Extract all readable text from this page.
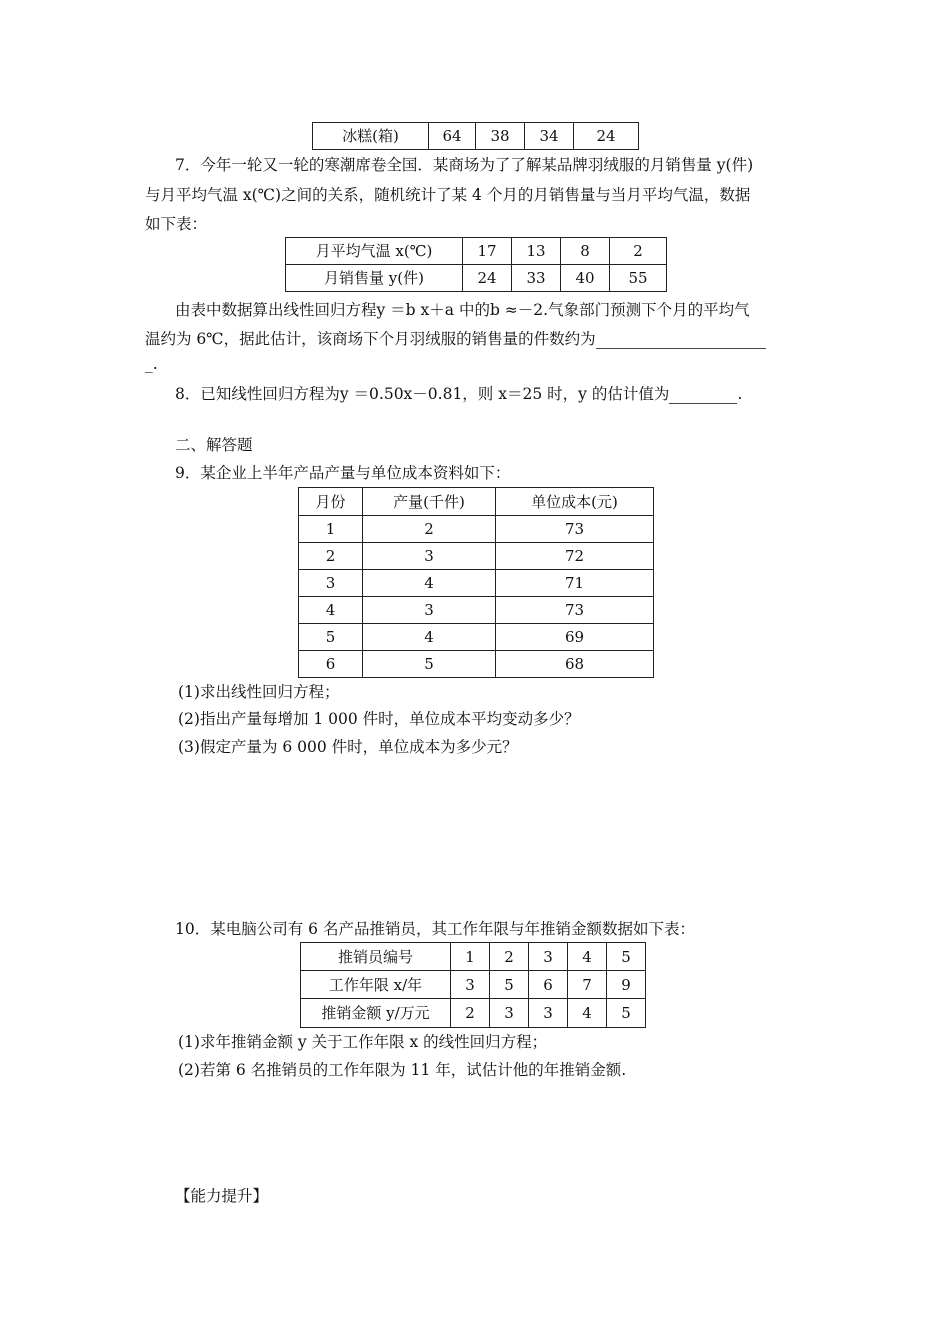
冰糕(箱)	64	38	34	24
7．今年一轮又一轮的寒潮席卷全国．某商场为了了解某品牌羽绒服的月销售量 y(件)
与月平均气温 x(℃)之间的关系，随机统计了某 4 个月的月销售量与当月平均气温，数据
如下表：
月平均气温 x(℃)	17	13	8	2
月销售量 y(件)	24	33	40	55
由表中数据算出线性回归方程y ＝b x＋a 中的b ≈－2.气象部门预测下个月的平均气
温约为 6℃，据此估计，该商场下个月羽绒服的销售量的件数约为
_.
8．已知线性回归方程为y ＝0.50x－0.81，则 x＝25 时，y 的估计值为	.
二、解答题
9．某企业上半年产品产量与单位成本资料如下：
月份	产量(千件)	单位成本(元)
1	2	73
2	3	72
3	4	71
4	3	73
5	4	69
6	5	68
(1)求出线性回归方程；
(2)指出产量每增加 1 000 件时，单位成本平均变动多少？
(3)假定产量为 6 000 件时，单位成本为多少元？
10．某电脑公司有 6 名产品推销员，其工作年限与年推销金额数据如下表：
推销员编号	1	2	3	4	5
工作年限 x/年	3	5	6	7	9
推销金额 y/万元	2	3	3	4	5
(1)求年推销金额 y 关于工作年限 x 的线性回归方程；
(2)若第 6 名推销员的工作年限为 11 年，试估计他的年推销金额.
【能力提升】
